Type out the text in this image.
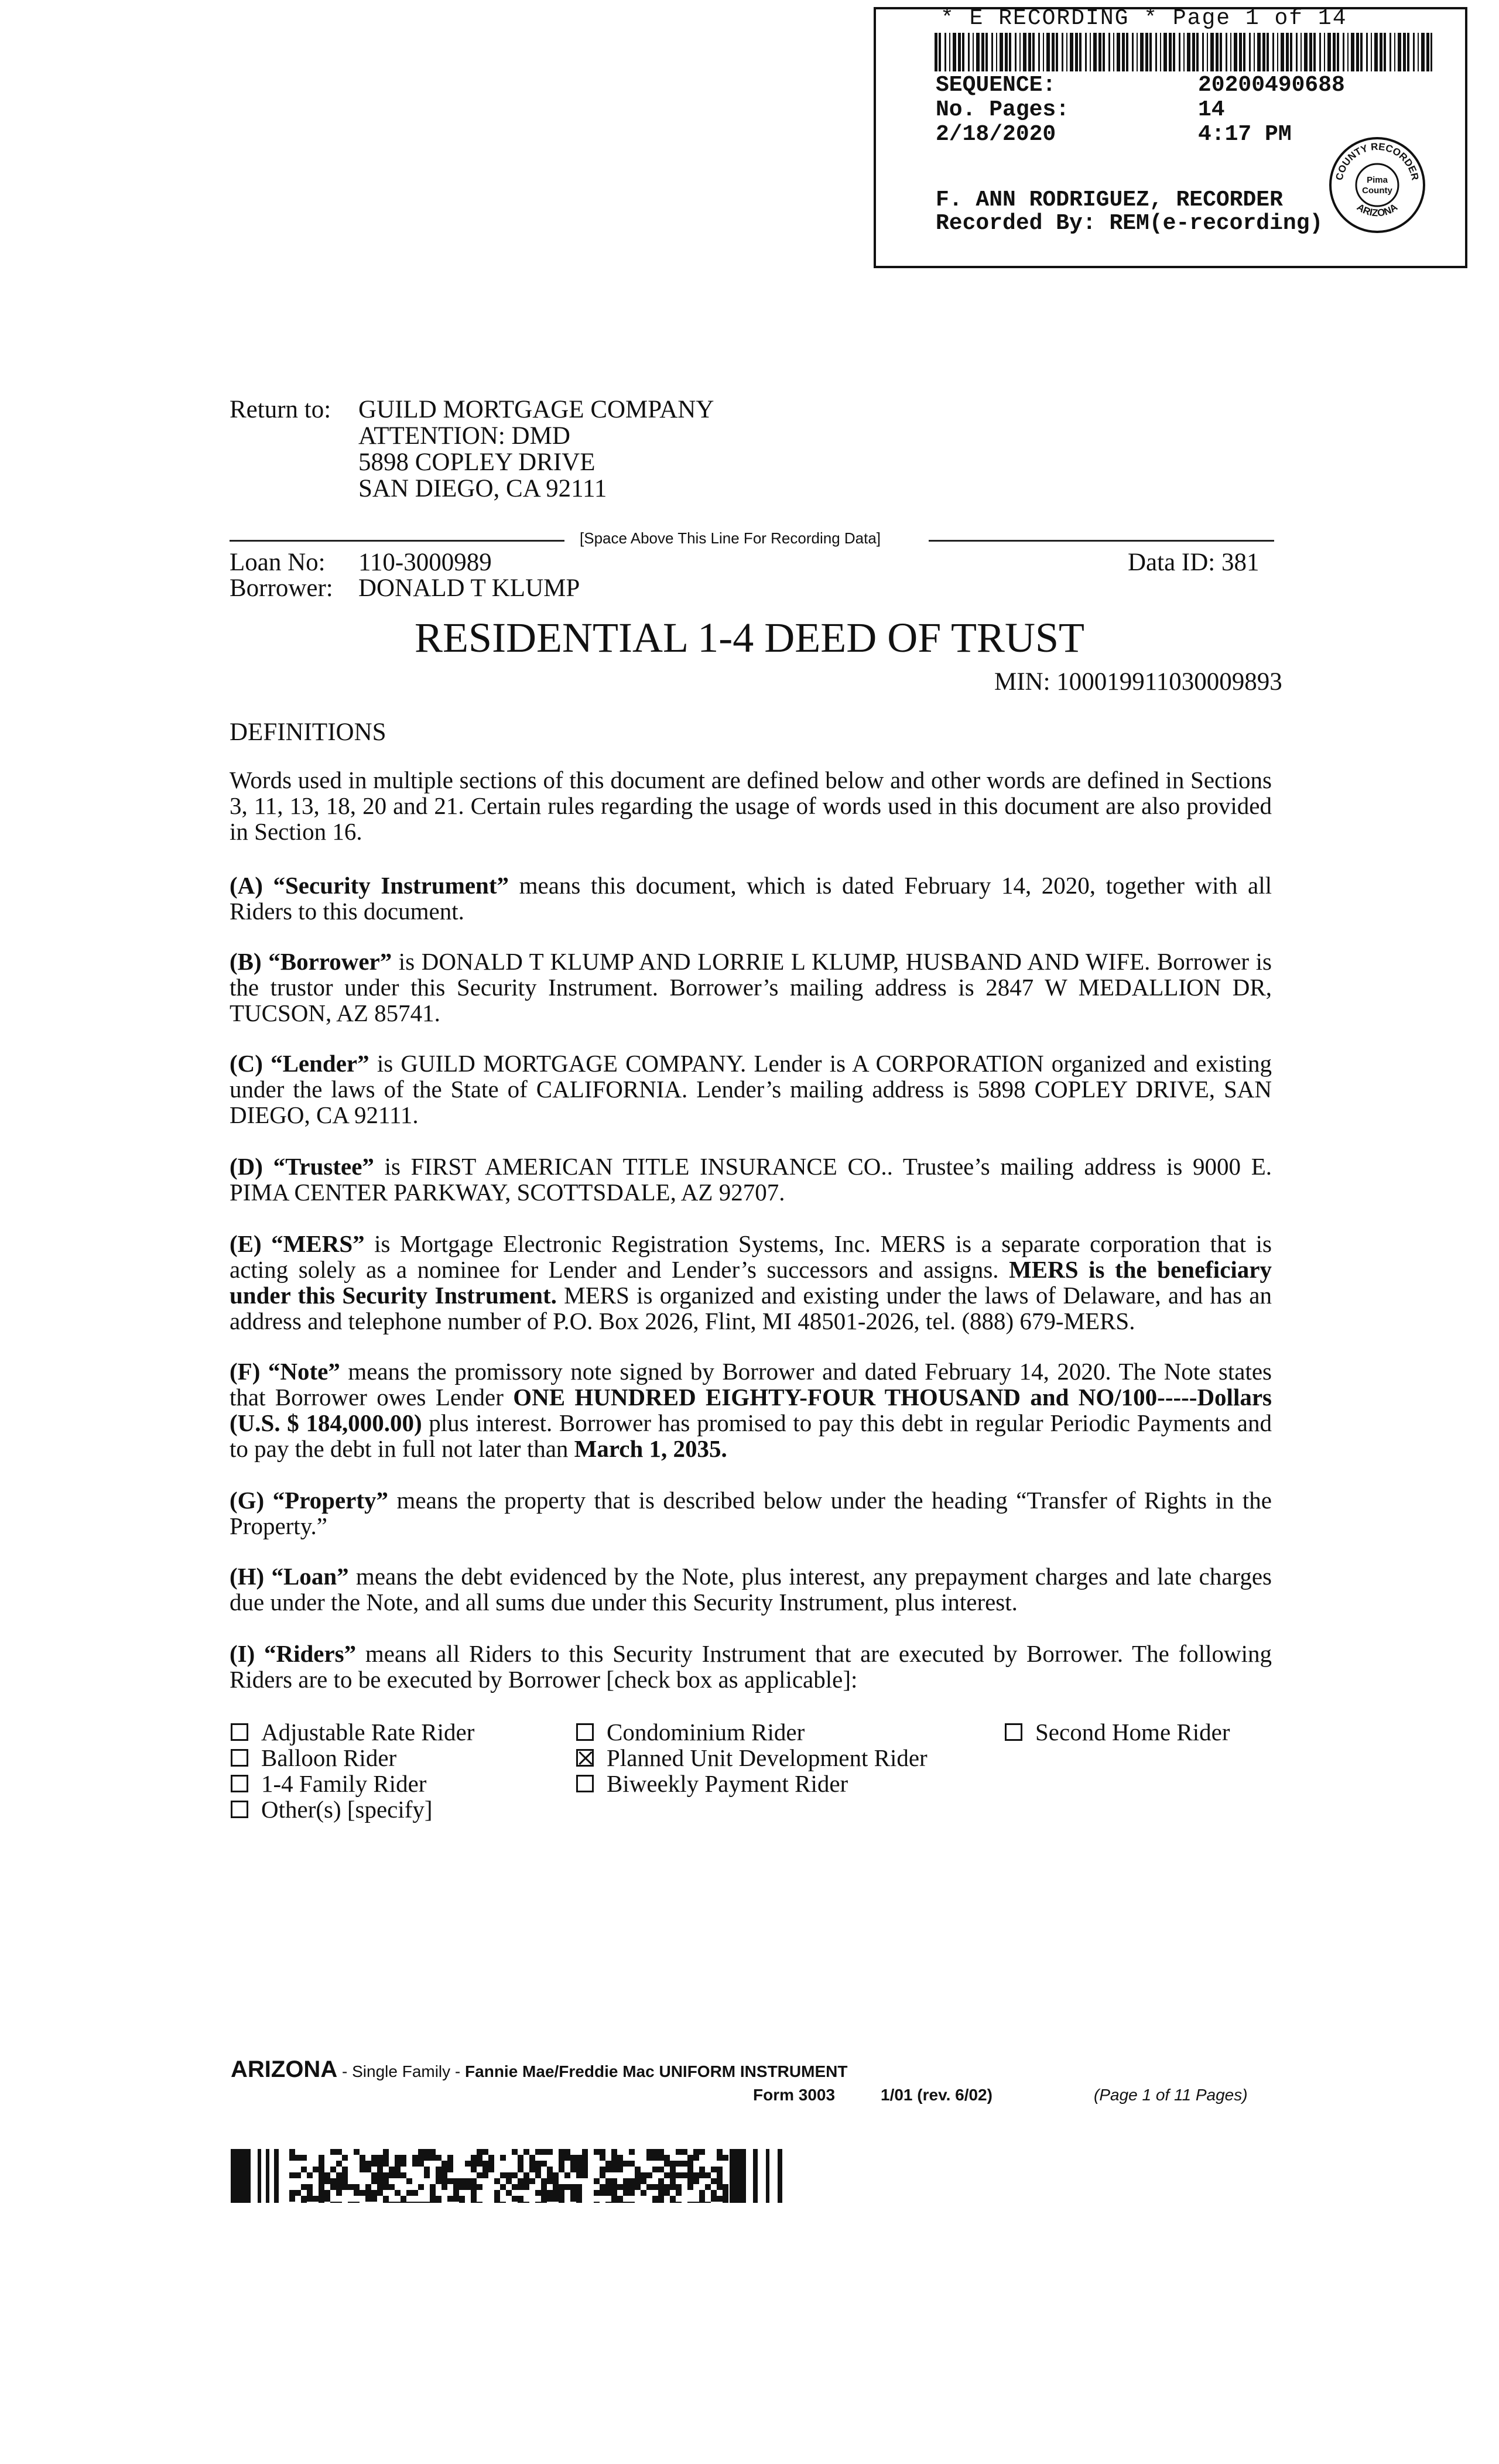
* E RECORDING * Page 1 of 14
SEQUENCE:	20200490688
No. Pages:	14
2/18/2020	4:17 PM
F. ANN RODRIGUEZ, RECORDER
Recorded By: REM(e-recording)
COUNTY RECORDER
Pima
County
ARIZONA
Return to: GUILD MORTGAGE COMPANY
ATTENTION: DMD
5898 COPLEY DRIVE
SAN DIEGO, CA 92111
[Space Above This Line For Recording Data]
Loan No: 110-3000989
Borrower: DONALD T KLUMP
Data ID: 381
RESIDENTIAL 1-4 DEED OF TRUST
MIN: 100019911030009893
DEFINITIONS
Words used in multiple sections of this document are defined below and other words are defined in Sections 3, 11, 13, 18, 20 and 21. Certain rules regarding the usage of words used in this document are also provided in Section 16.
(A) “Security Instrument” means this document, which is dated February 14, 2020, together with all Riders to this document.
(B) “Borrower” is DONALD T KLUMP AND LORRIE L KLUMP, HUSBAND AND WIFE. Borrower is the trustor under this Security Instrument. Borrower’s mailing address is 2847 W MEDALLION DR, TUCSON, AZ 85741.
(C) “Lender” is GUILD MORTGAGE COMPANY. Lender is A CORPORATION organized and existing under the laws of the State of CALIFORNIA. Lender’s mailing address is 5898 COPLEY DRIVE, SAN DIEGO, CA 92111.
(D) “Trustee” is FIRST AMERICAN TITLE INSURANCE CO.. Trustee’s mailing address is 9000 E. PIMA CENTER PARKWAY, SCOTTSDALE, AZ 92707.
(E) “MERS” is Mortgage Electronic Registration Systems, Inc. MERS is a separate corporation that is acting solely as a nominee for Lender and Lender’s successors and assigns. MERS is the beneficiary under this Security Instrument. MERS is organized and existing under the laws of Delaware, and has an address and telephone number of P.O. Box 2026, Flint, MI 48501-2026, tel. (888) 679-MERS.
(F) “Note” means the promissory note signed by Borrower and dated February 14, 2020. The Note states that Borrower owes Lender ONE HUNDRED EIGHTY-FOUR THOUSAND and NO/100-----Dollars (U.S. $ 184,000.00) plus interest. Borrower has promised to pay this debt in regular Periodic Payments and to pay the debt in full not later than March 1, 2035.
(G) “Property” means the property that is described below under the heading “Transfer of Rights in the Property.”
(H) “Loan” means the debt evidenced by the Note, plus interest, any prepayment charges and late charges due under the Note, and all sums due under this Security Instrument, plus interest.
(I) “Riders” means all Riders to this Security Instrument that are executed by Borrower. The following Riders are to be executed by Borrower [check box as applicable]:
Adjustable Rate Rider
Balloon Rider
1-4 Family Rider
Other(s) [specify]
Condominium Rider
Planned Unit Development Rider
Biweekly Payment Rider
Second Home Rider
ARIZONA - Single Family - Fannie Mae/Freddie Mac UNIFORM INSTRUMENT
Form 3003	1/01 (rev. 6/02)	(Page 1 of 11 Pages)
